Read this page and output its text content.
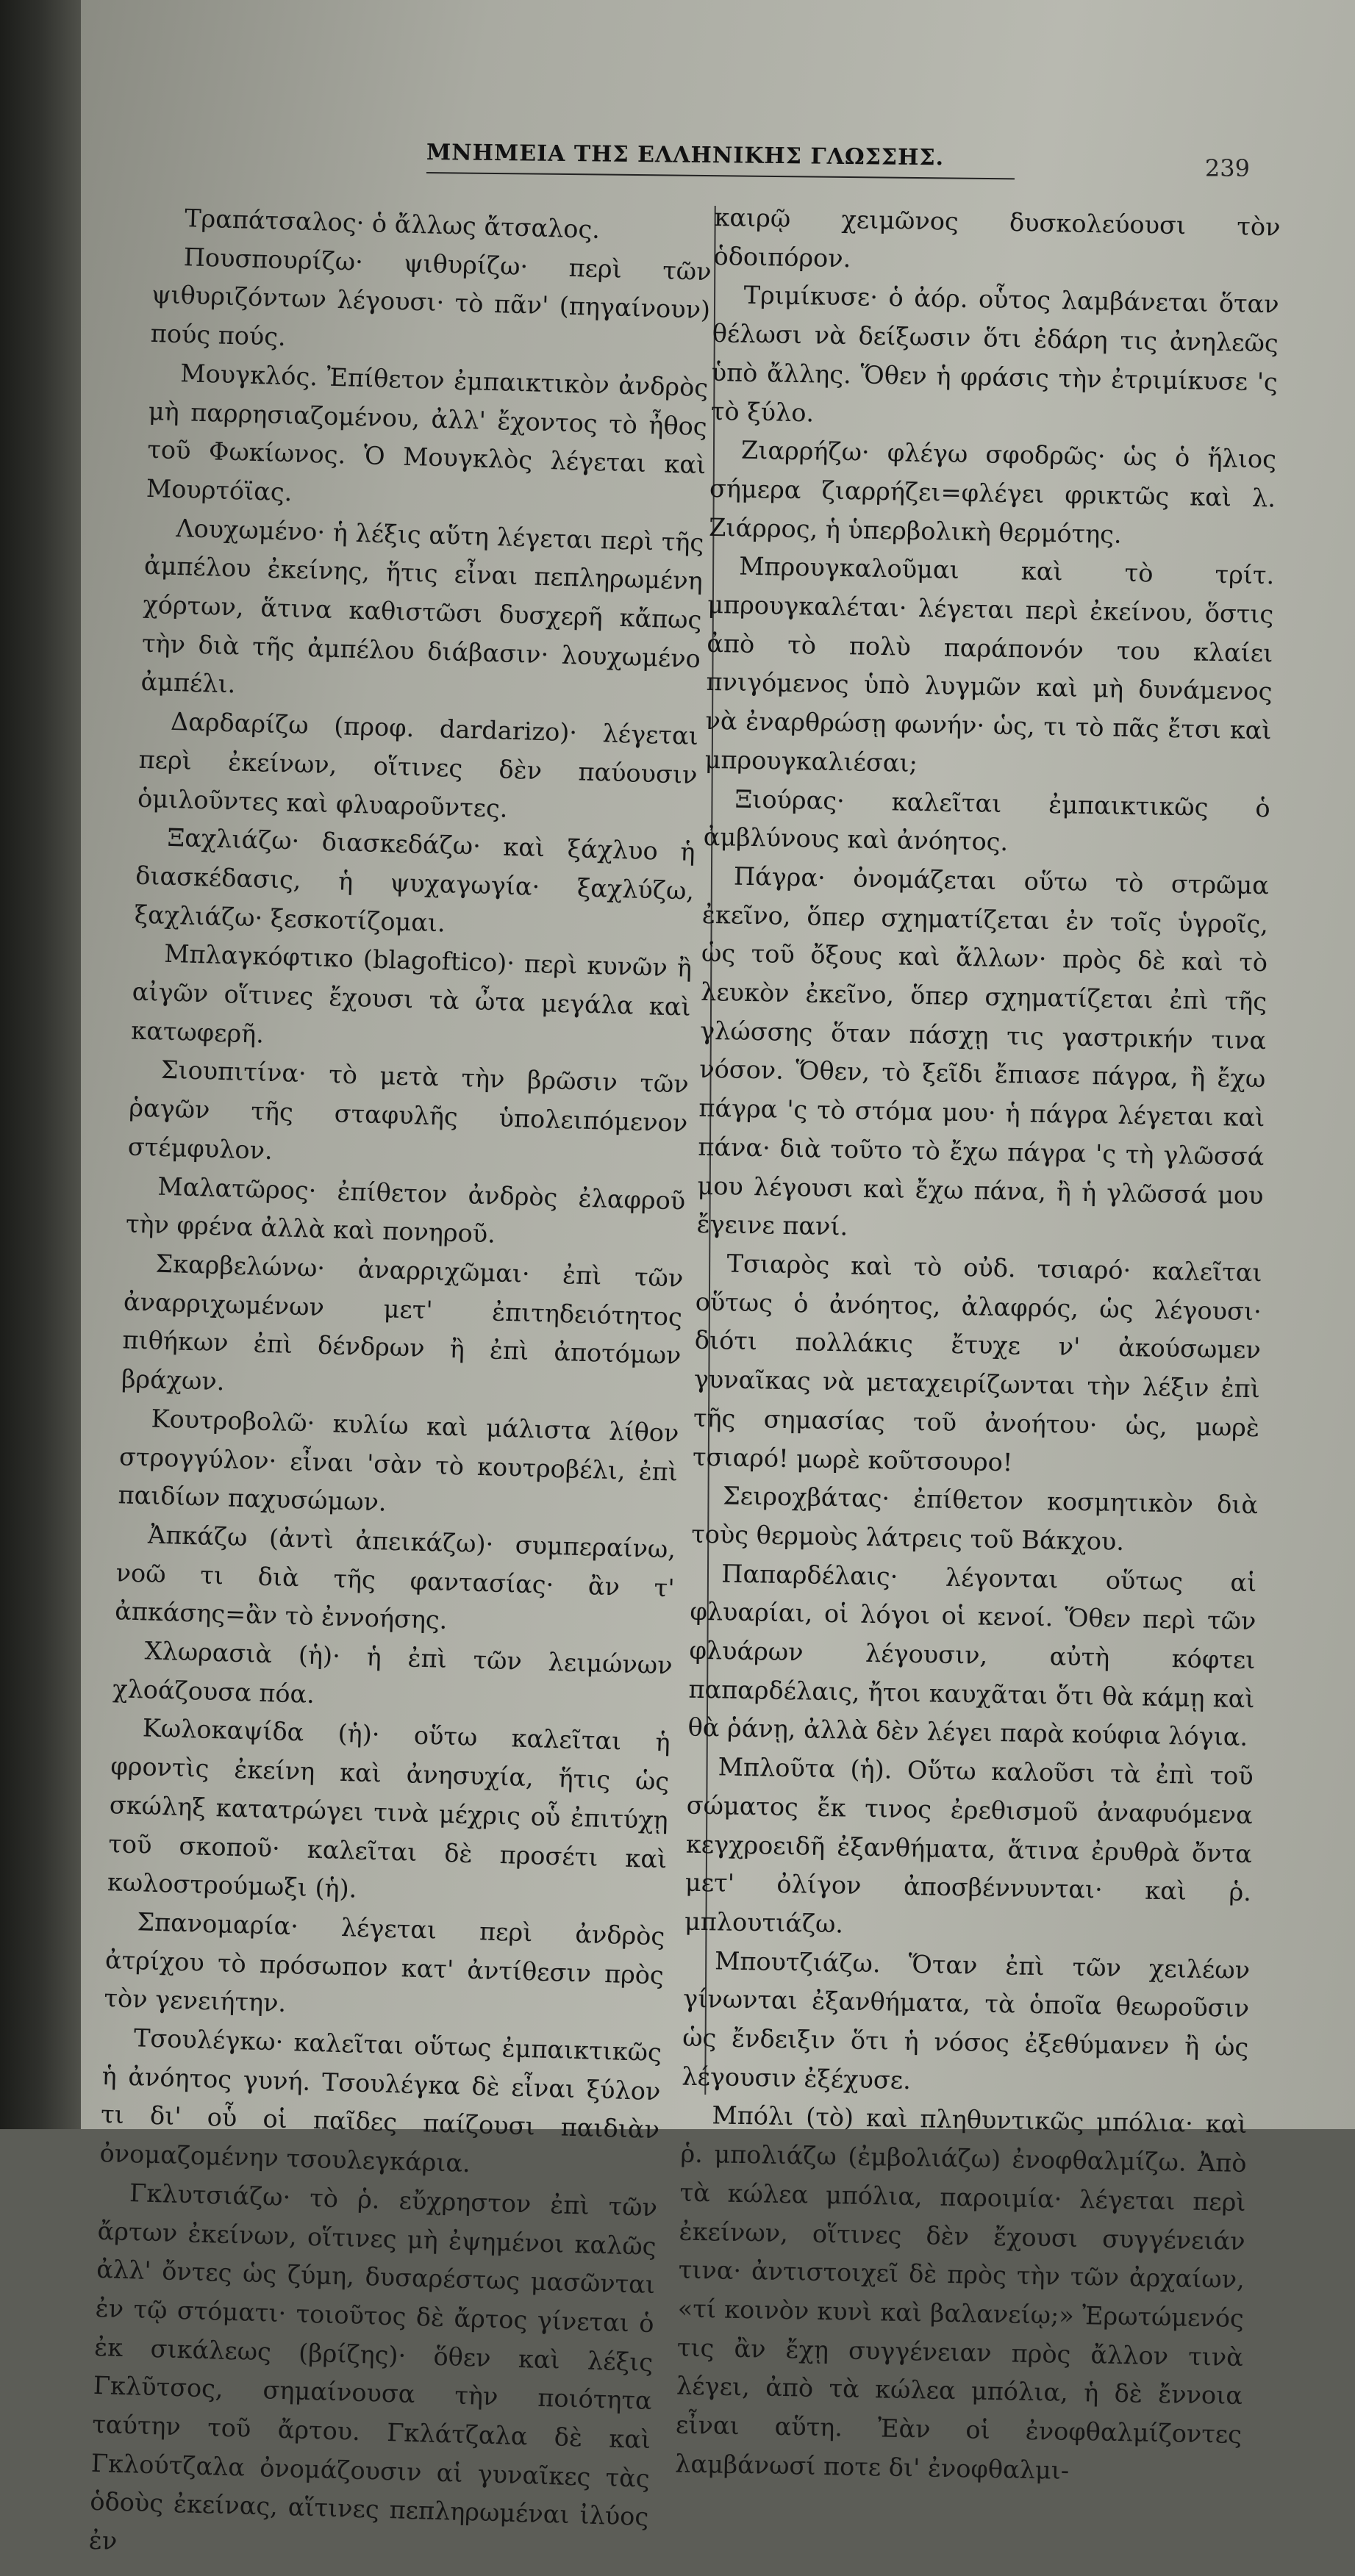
ΜΝΗΜΕΙΑ ΤΗΣ ΕΛΛΗΝΙΚΗΣ ΓΛΩΣΣΗΣ.	239

Τραπάτσαλος· ὁ ἄλλως ἄτσαλος.

Πουσπουρίζω· ψιθυρίζω· περὶ τῶν ψιθυριζόντων λέγουσι· τὸ πᾶν' (πηγαίνουν) πούς πούς.

Μουγκλός. Ἐπίθετον ἐμπαικτικὸν ἀνδρὸς μὴ παρρησιαζομένου, ἀλλ' ἔχοντος τὸ ἦθος τοῦ Φωκίωνος. Ὁ Μουγκλὸς λέγεται καὶ Μουρτόϊας.

Λουχωμένο· ἡ λέξις αὕτη λέγεται περὶ τῆς ἀμπέλου ἐκείνης, ἥτις εἶναι πεπληρωμένη χόρτων, ἅτινα καθιστῶσι δυσχερῆ κἄπως τὴν διὰ τῆς ἀμπέλου διάβασιν· λουχωμένο ἀμπέλι.

Δαρδαρίζω (προφ. dardarizo)· λέγεται περὶ ἐκείνων, οἵτινες δὲν παύουσιν ὁμιλοῦντες καὶ φλυαροῦντες.

Ξαχλιάζω· διασκεδάζω· καὶ ξάχλυο ἡ διασκέδασις, ἡ ψυχαγωγία· ξαχλύζω, ξαχλιάζω· ξεσκοτίζομαι.

Μπλαγκόφτικο (blagoftico)· περὶ κυνῶν ἢ αἰγῶν οἵτινες ἔχουσι τὰ ὦτα μεγάλα καὶ κατωφερῆ.

Σιουπιτίνα· τὸ μετὰ τὴν βρῶσιν τῶν ῥαγῶν τῆς σταφυλῆς ὑπολειπόμενον στέμφυλον.

Μαλατῶρος· ἐπίθετον ἀνδρὸς ἐλαφροῦ τὴν φρένα ἀλλὰ καὶ πονηροῦ.

Σκαρβελώνω· ἀναρριχῶμαι· ἐπὶ τῶν ἀναρριχωμένων μετ' ἐπιτηδειότητος πιθήκων ἐπὶ δένδρων ἢ ἐπὶ ἀποτόμων βράχων.

Κουτροβολῶ· κυλίω καὶ μάλιστα λίθον στρογγύλον· εἶναι 'σὰν τὸ κουτροβέλι, ἐπὶ παιδίων παχυσώμων.

Ἀπκάζω (ἀντὶ ἀπεικάζω)· συμπεραίνω, νοῶ τι διὰ τῆς φαντασίας· ἂν τ' ἀπκάσης=ἂν τὸ ἐννοήσης.

Χλωρασιὰ (ἡ)· ἡ ἐπὶ τῶν λειμώνων χλοάζουσα πόα.

Κωλοκαψίδα (ἡ)· οὕτω καλεῖται ἡ φροντὶς ἐκείνη καὶ ἀνησυχία, ἥτις ὡς σκώληξ κατατρώγει τινὰ μέχρις οὗ ἐπιτύχῃ τοῦ σκοποῦ· καλεῖται δὲ προσέτι καὶ κωλοστρούμωξι (ἡ).

Σπανομαρία· λέγεται περὶ ἀνδρὸς ἀτρίχου τὸ πρόσωπον κατ' ἀντίθεσιν πρὸς τὸν γενειήτην.

Τσουλέγκω· καλεῖται οὕτως ἐμπαικτικῶς ἡ ἀνόητος γυνή. Τσουλέγκα δὲ εἶναι ξύλον τι δι' οὗ οἱ παῖδες παίζουσι παιδιὰν ὀνομαζομένην τσουλεγκάρια.

Γκλυτσιάζω· τὸ ῥ. εὔχρηστον ἐπὶ τῶν ἄρτων ἐκείνων, οἵτινες μὴ ἐψημένοι καλῶς ἀλλ' ὄντες ὡς ζύμη, δυσαρέστως μασῶνται ἐν τῷ στόματι· τοιοῦτος δὲ ἄρτος γίνεται ὁ ἐκ σικάλεως (βρίζης)· ὅθεν καὶ λέξις Γκλῦτσος, σημαίνουσα τὴν ποιότητα ταύτην τοῦ ἄρτου. Γκλάτζαλα δὲ καὶ Γκλούτζαλα ὀνομάζουσιν αἱ γυναῖκες τὰς ὁδοὺς ἐκείνας, αἵτινες πεπληρωμέναι ἰλύος ἐν

καιρῷ χειμῶνος δυσκολεύουσι τὸν ὁδοιπόρον.

Τριμίκυσε· ὁ ἀόρ. οὗτος λαμβάνεται ὅταν θέλωσι νὰ δείξωσιν ὅτι ἐδάρη τις ἀνηλεῶς ὑπὸ ἄλλης. Ὅθεν ἡ φράσις τὴν ἐτριμίκυσε 'ς τὸ ξύλο.

Ζιαρρήζω· φλέγω σφοδρῶς· ὡς ὁ ἥλιος σήμερα ζιαρρήζει=φλέγει φρικτῶς καὶ λ. Ζιάρρος, ἡ ὑπερβολικὴ θερμότης.

Μπρουγκαλοῦμαι καὶ τὸ τρίτ. μπρουγκαλέται· λέγεται περὶ ἐκείνου, ὅστις ἀπὸ τὸ πολὺ παράπονόν του κλαίει πνιγόμενος ὑπὸ λυγμῶν καὶ μὴ δυνάμενος νὰ ἐναρθρώσῃ φωνήν· ὡς, τι τὸ πᾶς ἔτσι καὶ μπρουγκαλιέσαι;

Ξιούρας· καλεῖται ἐμπαικτικῶς ὁ ἀμβλύνους καὶ ἀνόητος.

Πάγρα· ὀνομάζεται οὕτω τὸ στρῶμα ἐκεῖνο, ὅπερ σχηματίζεται ἐν τοῖς ὑγροῖς, ὡς τοῦ ὄξους καὶ ἄλλων· πρὸς δὲ καὶ τὸ λευκὸν ἐκεῖνο, ὅπερ σχηματίζεται ἐπὶ τῆς γλώσσης ὅταν πάσχῃ τις γαστρικήν τινα νόσον. Ὅθεν, τὸ ξεῖδι ἔπιασε πάγρα, ἢ ἔχω πάγρα 'ς τὸ στόμα μου· ἡ πάγρα λέγεται καὶ πάνα· διὰ τοῦτο τὸ ἔχω πάγρα 'ς τὴ γλῶσσά μου λέγουσι καὶ ἔχω πάνα, ἢ ἡ γλῶσσά μου ἔγεινε πανί.

Τσιαρὸς καὶ τὸ οὐδ. τσιαρό· καλεῖται οὕτως ὁ ἀνόητος, ἀλαφρός, ὡς λέγουσι· διότι πολλάκις ἔτυχε ν' ἀκούσωμεν γυναῖκας νὰ μεταχειρίζωνται τὴν λέξιν ἐπὶ τῆς σημασίας τοῦ ἀνοήτου· ὡς, μωρὲ τσιαρό! μωρὲ κοῦτσουρο!

Σειροχβάτας· ἐπίθετον κοσμητικὸν διὰ τοὺς θερμοὺς λάτρεις τοῦ Βάκχου.

Παπαρδέλαις· λέγονται οὕτως αἱ φλυαρίαι, οἱ λόγοι οἱ κενοί. Ὅθεν περὶ τῶν φλυάρων λέγουσιν, αὐτὴ κόφτει παπαρδέλαις, ἤτοι καυχᾶται ὅτι θὰ κάμῃ καὶ θὰ ῥάνῃ, ἀλλὰ δὲν λέγει παρὰ κούφια λόγια.

Μπλοῦτα (ἡ). Οὕτω καλοῦσι τὰ ἐπὶ τοῦ σώματος ἔκ τινος ἐρεθισμοῦ ἀναφυόμενα κεγχροειδῆ ἐξανθήματα, ἅτινα ἐρυθρὰ ὄντα μετ' ὀλίγον ἀποσβέννυνται· καὶ ῥ. μπλουτιάζω.

Μπουτζιάζω. Ὅταν ἐπὶ τῶν χειλέων γίνωνται ἐξανθήματα, τὰ ὁποῖα θεωροῦσιν ὡς ἔνδειξιν ὅτι ἡ νόσος ἐξεθύμανεν ἢ ὡς λέγουσιν ἐξέχυσε.

Μπόλι (τὸ) καὶ πληθυντικῶς μπόλια· καὶ ῥ. μπολιάζω (ἐμβολιάζω) ἐνοφθαλμίζω. Ἀπὸ τὰ κώλεα μπόλια, παροιμία· λέγεται περὶ ἐκείνων, οἵτινες δὲν ἔχουσι συγγένειάν τινα· ἀντιστοιχεῖ δὲ πρὸς τὴν τῶν ἀρχαίων, «τί κοινὸν κυνὶ καὶ βαλανείῳ;» Ἐρωτώμενός τις ἂν ἔχῃ συγγένειαν πρὸς ἄλλον τινὰ λέγει, ἀπὸ τὰ κώλεα μπόλια, ἡ δὲ ἔννοια εἶναι αὕτη. Ἐὰν οἱ ἐνοφθαλμίζοντες λαμβάνωσί ποτε δι' ἐνοφθαλμι-
